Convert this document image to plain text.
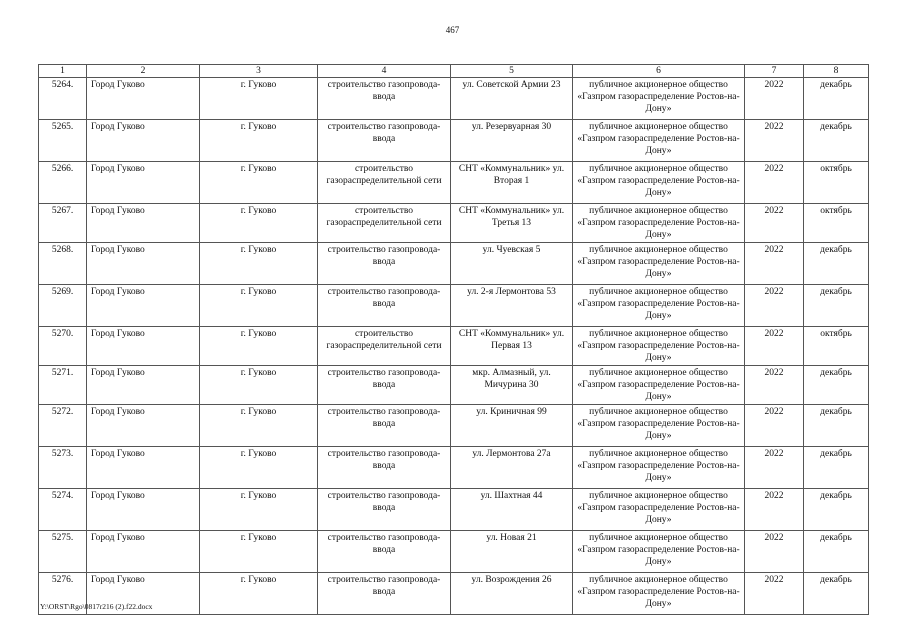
467
1	2	3	4	5	6	7	8
5264.	Город Гуково	г. Гуково	строительство газопровода-ввода	ул. Советской Армии 23	публичное акционерное общество «Газпром газораспределение Ростов-на-Дону»	2022	декабрь
5265.	Город Гуково	г. Гуково	строительство газопровода-ввода	ул. Резервуарная 30	публичное акционерное общество «Газпром газораспределение Ростов-на-Дону»	2022	декабрь
5266.	Город Гуково	г. Гуково	строительство газораспределительной сети	СНТ «Коммунальник» ул. Вторая 1	публичное акционерное общество «Газпром газораспределение Ростов-на-Дону»	2022	октябрь
5267.	Город Гуково	г. Гуково	строительство газораспределительной сети	СНТ «Коммунальник» ул. Третья 13	публичное акционерное общество «Газпром газораспределение Ростов-на-Дону»	2022	октябрь
5268.	Город Гуково	г. Гуково	строительство газопровода-ввода	ул. Чуевская 5	публичное акционерное общество «Газпром газораспределение Ростов-на-Дону»	2022	декабрь
5269.	Город Гуково	г. Гуково	строительство газопровода-ввода	ул. 2-я Лермонтова 53	публичное акционерное общество «Газпром газораспределение Ростов-на-Дону»	2022	декабрь
5270.	Город Гуково	г. Гуково	строительство газораспределительной сети	СНТ «Коммунальник» ул. Первая 13	публичное акционерное общество «Газпром газораспределение Ростов-на-Дону»	2022	октябрь
5271.	Город Гуково	г. Гуково	строительство газопровода-ввода	мкр. Алмазный, ул. Мичурина 30	публичное акционерное общество «Газпром газораспределение Ростов-на-Дону»	2022	декабрь
5272.	Город Гуково	г. Гуково	строительство газопровода-ввода	ул. Криничная 99	публичное акционерное общество «Газпром газораспределение Ростов-на-Дону»	2022	декабрь
5273.	Город Гуково	г. Гуково	строительство газопровода-ввода	ул. Лермонтова 27а	публичное акционерное общество «Газпром газораспределение Ростов-на-Дону»	2022	декабрь
5274.	Город Гуково	г. Гуково	строительство газопровода-ввода	ул. Шахтная 44	публичное акционерное общество «Газпром газораспределение Ростов-на-Дону»	2022	декабрь
5275.	Город Гуково	г. Гуково	строительство газопровода-ввода	ул. Новая 21	публичное акционерное общество «Газпром газораспределение Ростов-на-Дону»	2022	декабрь
5276.	Город Гуково	г. Гуково	строительство газопровода-ввода	ул. Возрождения 26	публичное акционерное общество «Газпром газораспределение Ростов-на-Дону»	2022	декабрь
Y:\ORST\Rgo\0817r216 (2).f22.docx
